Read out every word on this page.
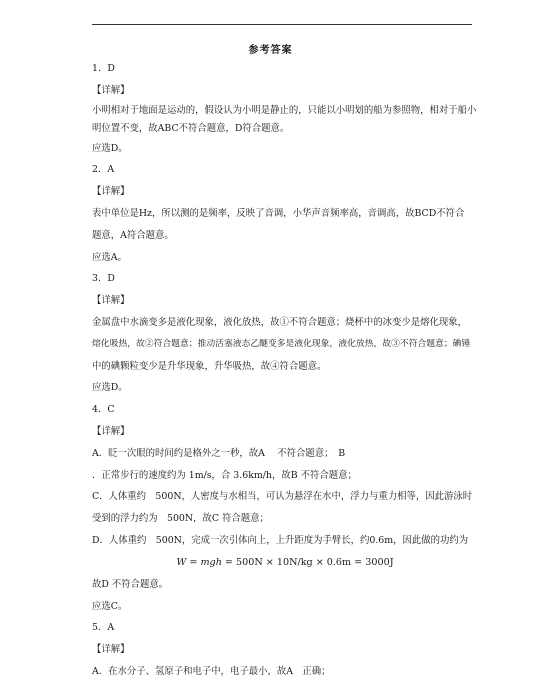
参考答案
1．D
【详解】
小明相对于地面是运动的，假设认为小明是静止的，只能以小明划的船为参照物，相对于船小
明位置不变，故ABC不符合题意，D符合题意。
应选D。
2．A
【详解】
表中单位是Hz，所以测的是频率，反映了音调，小华声音频率高，音调高，故BCD不符合
题意，A符合题意。
应选A。
3．D
【详解】
金属盘中水滴变多是液化现象，液化放热，故①不符合题意；烧杯中的冰变少是熔化现象，
熔化吸热，故②符合题意；推动活塞液态乙醚变多是液化现象，液化放热，故③不符合题意；碘锤
中的碘颗粒变少是升华现象，升华吸热，故④符合题意。
应选D。
4．C
【详解】
A．眨一次眼的时间约是格外之一秒，故A　 不符合题意；　B
．正常步行的速度约为 1m/s，合 3.6km/h，故B 不符合题意；
C．人体重约　500N，人密度与水相当，可认为悬浮在水中，浮力与重力相等，因此游泳时
受到的浮力约为　500N，故C 符合题意；
D．人体重约　500N，完成一次引体向上，上升距度为手臂长，约0.6m，因此做的功约为
W = mgh = 500N × 10N/kg × 0.6m = 3000J
故D 不符合题意。
应选C。
5．A
【详解】
A．在水分子、氢原子和电子中，电子最小，故A　正确；
